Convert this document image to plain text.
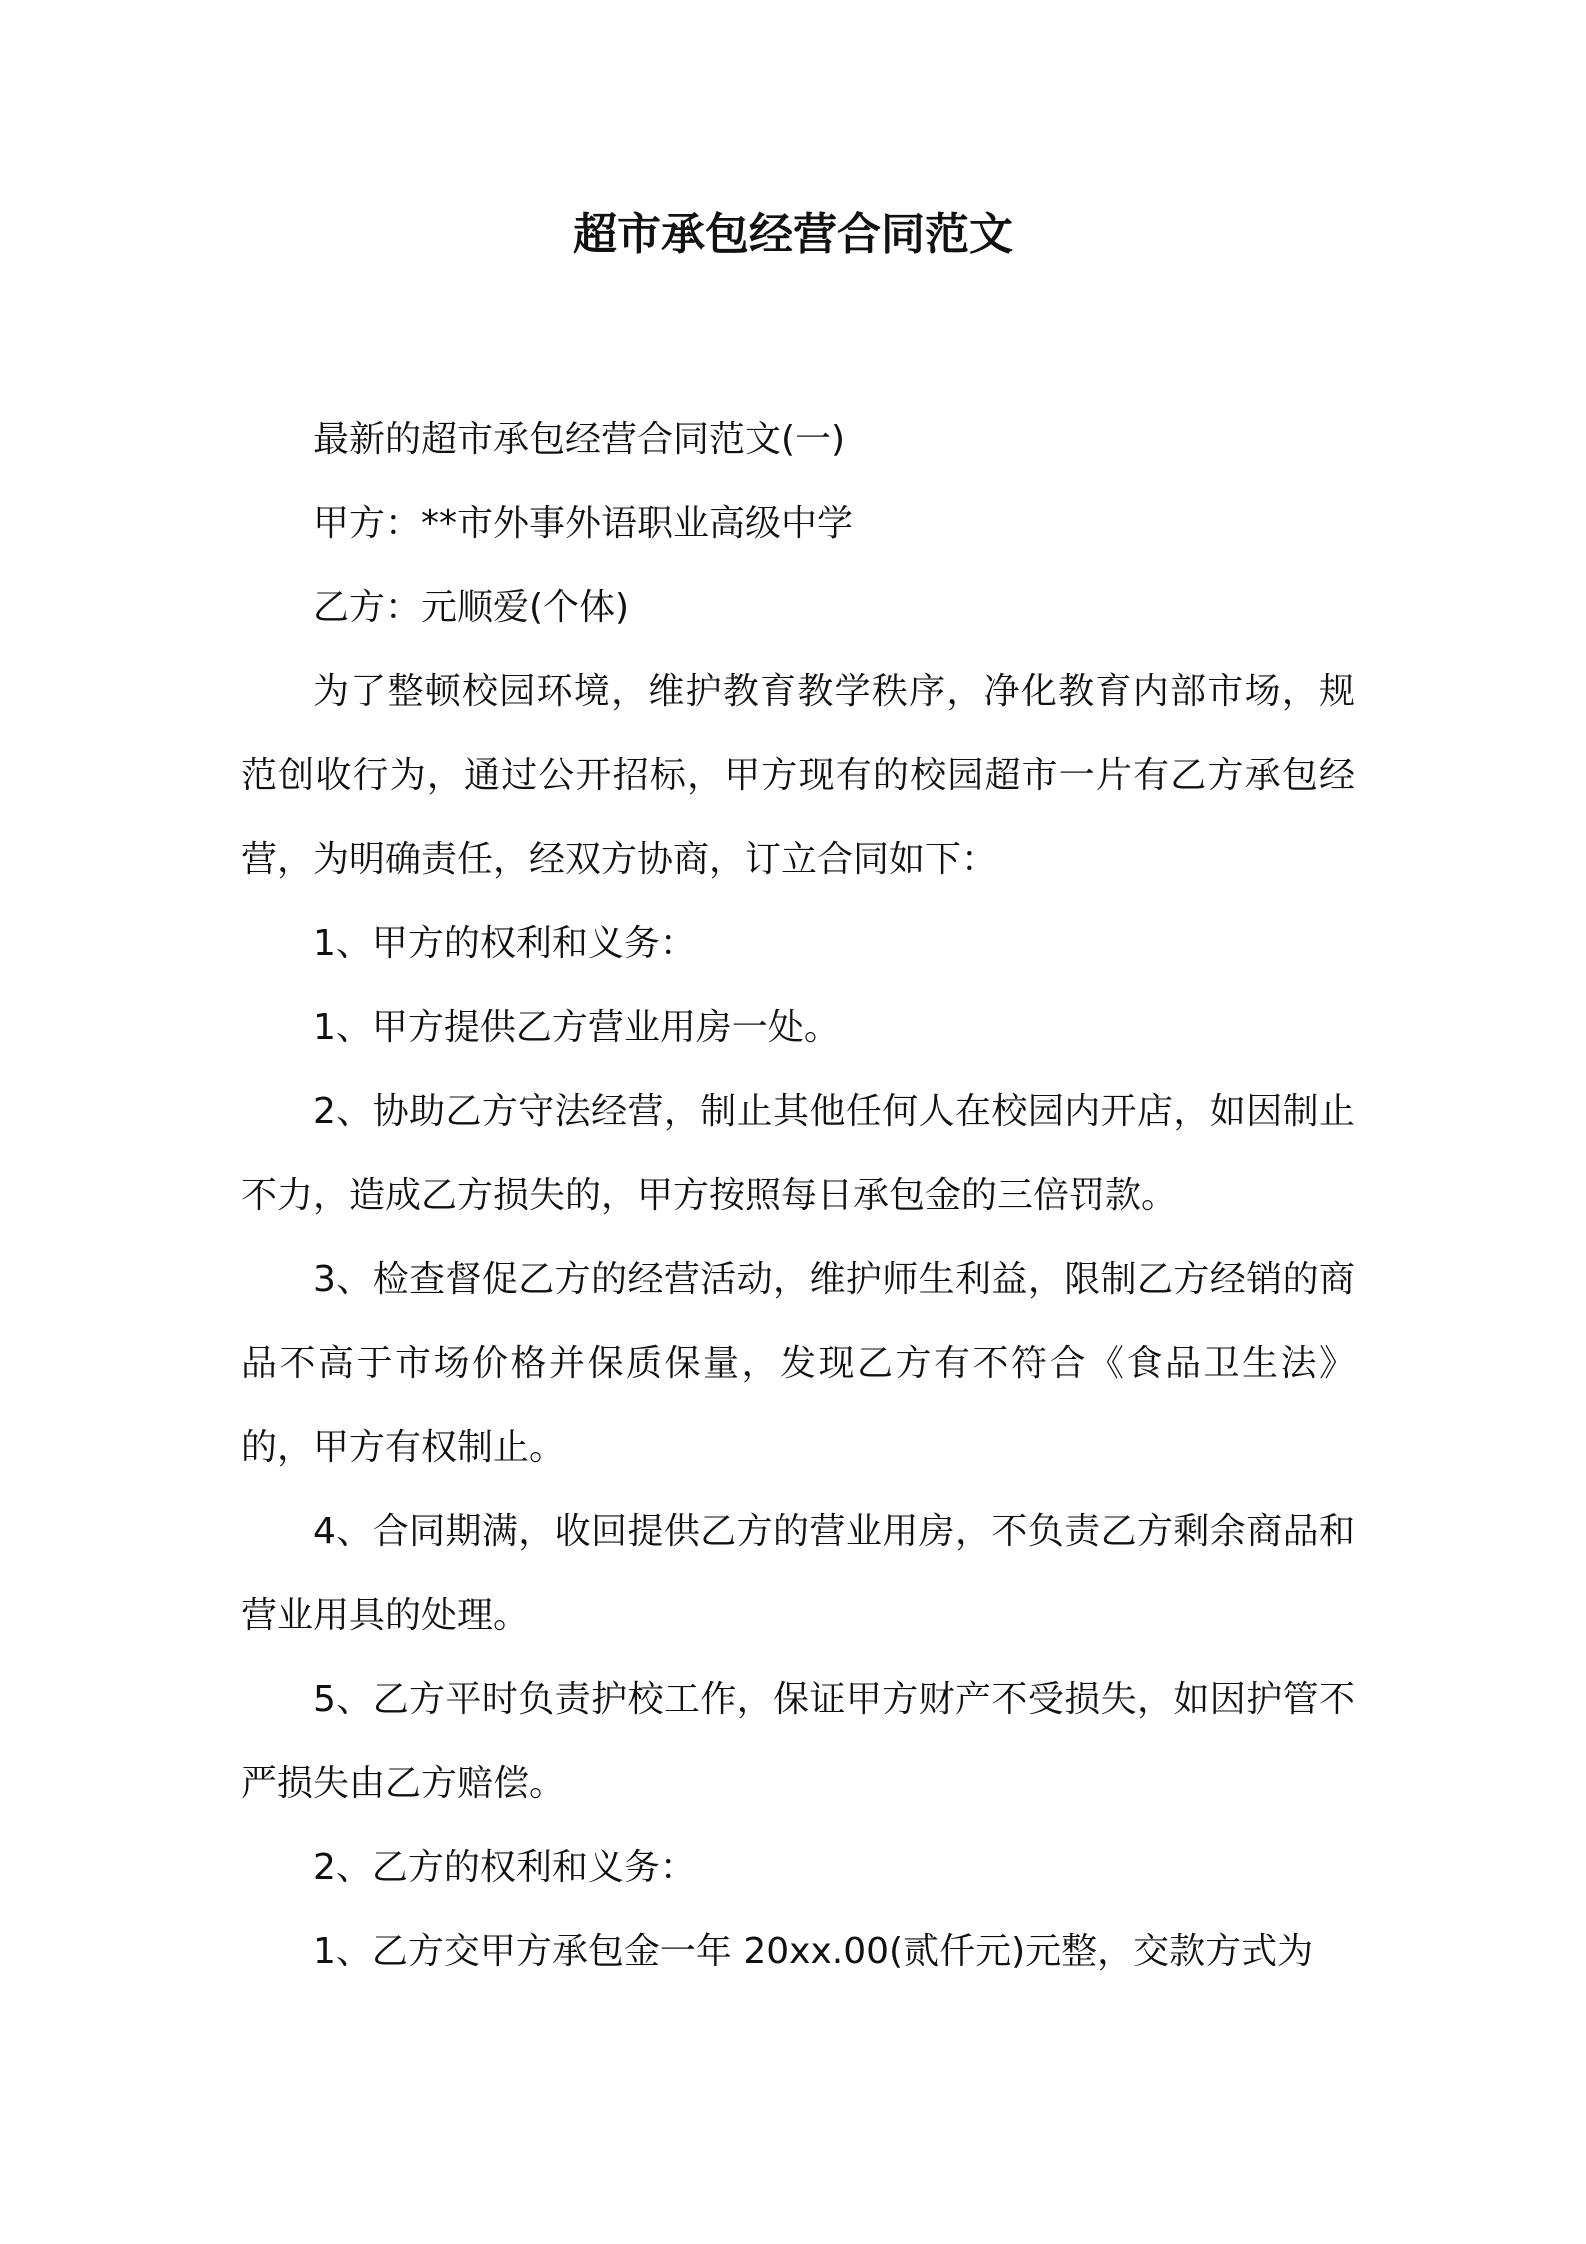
超市承包经营合同范文

最新的超市承包经营合同范文(一)

甲方：**市外事外语职业高级中学

乙方：元顺爱(个体)

为了整顿校园环境，维护教育教学秩序，净化教育内部市场，规范创收行为，通过公开招标，甲方现有的校园超市一片有乙方承包经营，为明确责任，经双方协商，订立合同如下：

1、甲方的权利和义务：

1、甲方提供乙方营业用房一处。

2、协助乙方守法经营，制止其他任何人在校园内开店，如因制止不力，造成乙方损失的，甲方按照每日承包金的三倍罚款。

3、检查督促乙方的经营活动，维护师生利益，限制乙方经销的商品不高于市场价格并保质保量，发现乙方有不符合《食品卫生法》的，甲方有权制止。

4、合同期满，收回提供乙方的营业用房，不负责乙方剩余商品和营业用具的处理。

5、乙方平时负责护校工作，保证甲方财产不受损失，如因护管不严损失由乙方赔偿。

2、乙方的权利和义务：

1、乙方交甲方承包金一年 20xx.00(贰仟元)元整，交款方式为
